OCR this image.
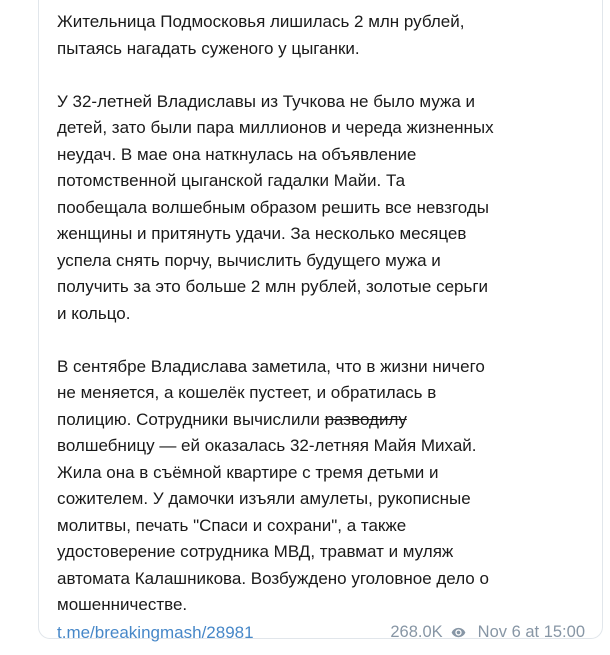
Жительница Подмосковья лишилась 2 млн рублей,
пытаясь нагадать суженого у цыганки.
У 32-летней Владиславы из Тучкова не было мужа и
детей, зато были пара миллионов и череда жизненных
неудач. В мае она наткнулась на объявление
потомственной цыганской гадалки Майи. Та
пообещала волшебным образом решить все невзгоды
женщины и притянуть удачи. За несколько месяцев
успела снять порчу, вычислить будущего мужа и
получить за это больше 2 млн рублей, золотые серьги
и кольцо.
В сентябре Владислава заметила, что в жизни ничего
не меняется, а кошелёк пустеет, и обратилась в
полицию. Сотрудники вычислили разводилу
волшебницу — ей оказалась 32-летняя Майя Михай.
Жила она в съёмной квартире с тремя детьми и
сожителем. У дамочки изъяли амулеты, рукописные
молитвы, печать "Спаси и сохрани", а также
удостоверение сотрудника МВД, травмат и муляж
автомата Калашникова. Возбуждено уголовное дело о
мошенничестве.
t.me/breakingmash/28981	268.0K Nov 6 at 15:00
